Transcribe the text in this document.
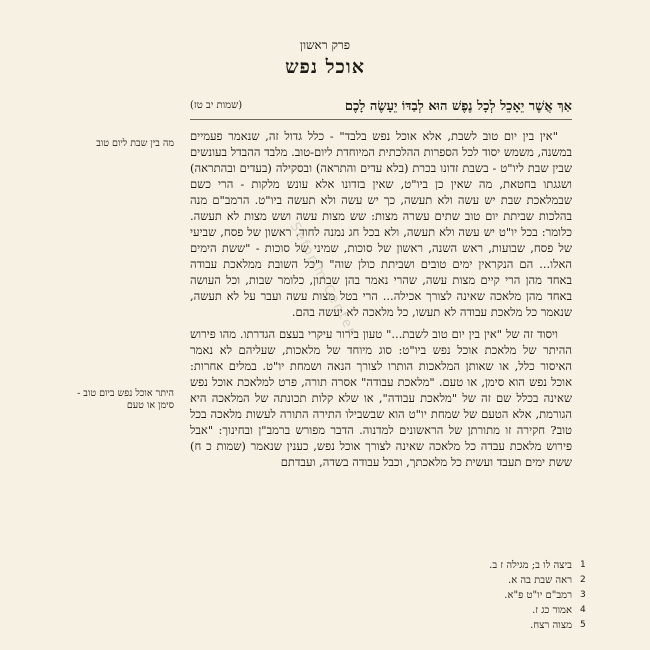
פרק ראשון
אוכל נפש
אַךְ אֲשֶׁר יֵאָכֵל לְכָל נֶפֶשׁ הוּא לְבַדּוֹ יֵעָשֶׂה לָכֶם
(שמות יב טז)
מה בין שבת ליום טוב
היתר אוכל נפש ביום טוב - סימן או טעם

"אין בין יום טוב לשבת, אלא אוכל נפש בלבד" - כלל גדול זה, שנאמר פעמיים במשנה, משמש יסוד לכל הספרות ההלכתית המיוחדת ליום-טוב. מלבד ההבדל בעונשים שבין שבת ליו"ט - בשבת זדונו בכרת (בלא עדים והתראה) ובסקילה (בעדים ובהתראה) ושגגתו בחטאת, מה שאין כן ביו"ט, שאין בזדונו אלא עונש מלקות - הרי כשם שבמלאכת שבת יש עשה ולא תעשה, כך יש עשה ולא תעשה ביו"ט. הרמב"ם מנה בהלכות שביתת יום טוב שתים עשרה מצות: שש מצות עשה ושש מצות לא תעשה. כלומר: בכל יו"ט יש עשה ולא תעשה, ולא בכל חג נמנה לחוד. ראשון של פסח, שביעי של פסח, שבועות, ראש השנה, ראשון של סוכות, שמיני של סוכות - "ששת הימים האלו... הם הנקראין ימים טובים ושביתת כולן שוה" ו"כל השובת ממלאכת עבודה באחד מהן הרי קיים מצות עשה, שהרי נאמר בהן שבתון, כלומר שבות, וכל העושה באחד מהן מלאכה שאינה לצורך אכילה... הרי בטל מצות עשה ועבר על לא תעשה, שנאמר כל מלאכת עבודה לא תעשו, כל מלאכה לא יעשה בהם.

ויסוד זה של "אין בין יום טוב לשבת..." טעון בירור עיקרי בעצם הגדרתו. מהו פירוש ההיתר של מלאכת אוכל נפש ביו"ט: סוג מיוחד של מלאכות, שעליהם לא נאמר האיסור כלל, או שאותן המלאכות הותרו לצורך הנאה ושמחת יו"ט. במלים אחרות: אוכל נפש הוא סימן, או טעם. "מלאכת עבודה" אסרה תורה, פרט למלאכת אוכל נפש שאינה בכלל שם זה של "מלאכת עבודה", או שלא קלות תכונתה של המלאכה היא הגורמת, אלא הטעם של שמחת יו"ט הוא שבשבילו התירה התורה לעשות מלאכה בכל טוב? חקירה זו מתורתן של הראשונים למדנוה. הדבר מפורש ברמב"ן ובחינוך: "אבל פירוש מלאכת עבדה כל מלאכה שאינה לצורך אוכל נפש, כענין שנאמר (שמות כ ח) ששת ימים תעבד ועשית כל מלאכתך, וכבל עבודה בשדה, ועבדתם

1
ביצה לו ב; מגילה ז ב.
2
ראה שבת בה א.
3
רמב"ם יו"ט פ"א.
4
אמור כג ז.
5
מצוה רצח.
Seforim Center
